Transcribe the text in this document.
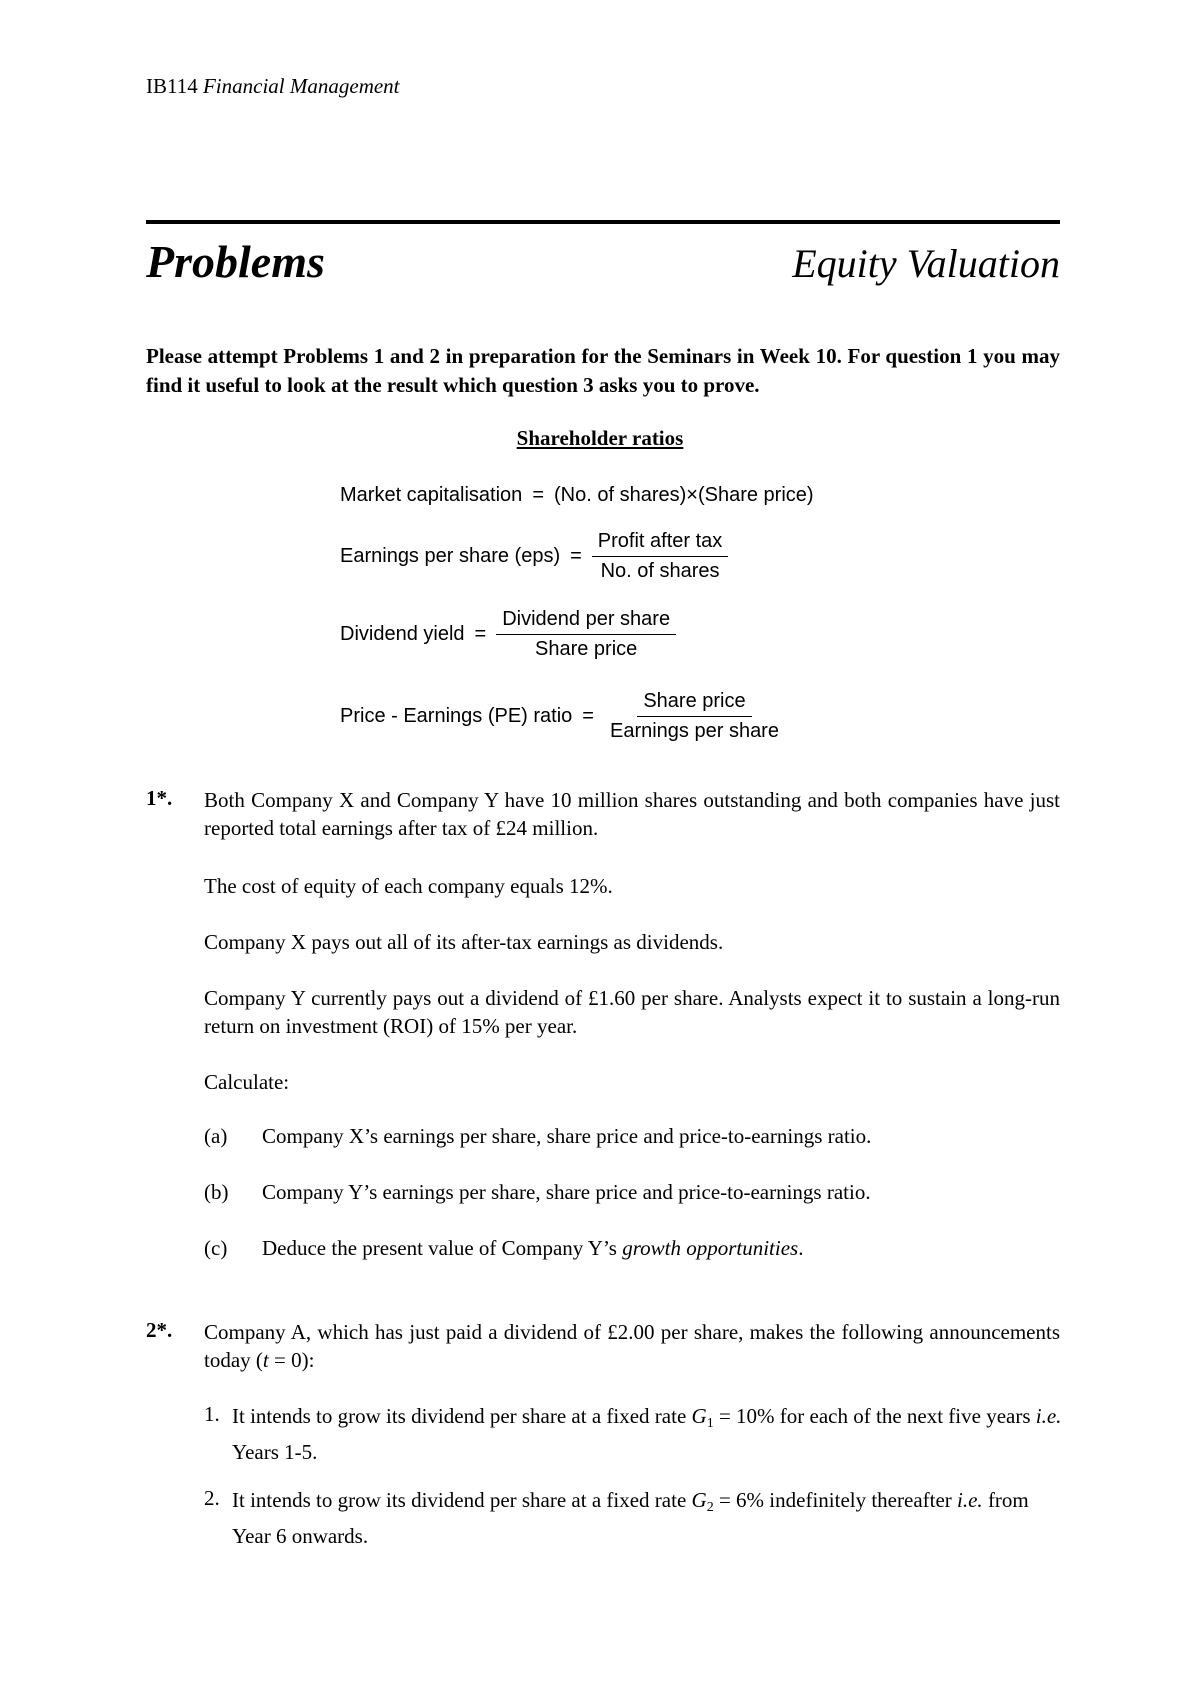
IB114 Financial Management
Problems	Equity Valuation
Please attempt Problems 1 and 2 in preparation for the Seminars in Week 10. For question 1 you may find it useful to look at the result which question 3 asks you to prove.
Shareholder ratios
Market capitalisation = (No. of shares)×(Share price)
Earnings per share $(eps) = \frac{\text{Profit after tax}}{\text{No. of shares}}$
Dividend yield = $\frac{\text{Dividend per share}}{\text{Share price}}$
Price - Earnings (PE) ratio = $\frac{\text{Share price}}{\text{Earnings per share}}$
1*. Both Company X and Company Y have 10 million shares outstanding and both companies have just reported total earnings after tax of £24 million.
The cost of equity of each company equals 12%.
Company X pays out all of its after-tax earnings as dividends.
Company Y currently pays out a dividend of £1.60 per share. Analysts expect it to sustain a long-run return on investment (ROI) of 15% per year.
Calculate:
(a) Company X’s earnings per share, share price and price-to-earnings ratio.
(b) Company Y’s earnings per share, share price and price-to-earnings ratio.
(c) Deduce the present value of Company Y’s growth opportunities.
2*. Company A, which has just paid a dividend of £2.00 per share, makes the following announcements today (t = 0):
1. It intends to grow its dividend per share at a fixed rate $G_1 = 10\%$ for each of the next five years i.e. Years 1-5.
2. It intends to grow its dividend per share at a fixed rate $G_2 = 6\%$ indefinitely thereafter i.e. from Year 6 onwards.
